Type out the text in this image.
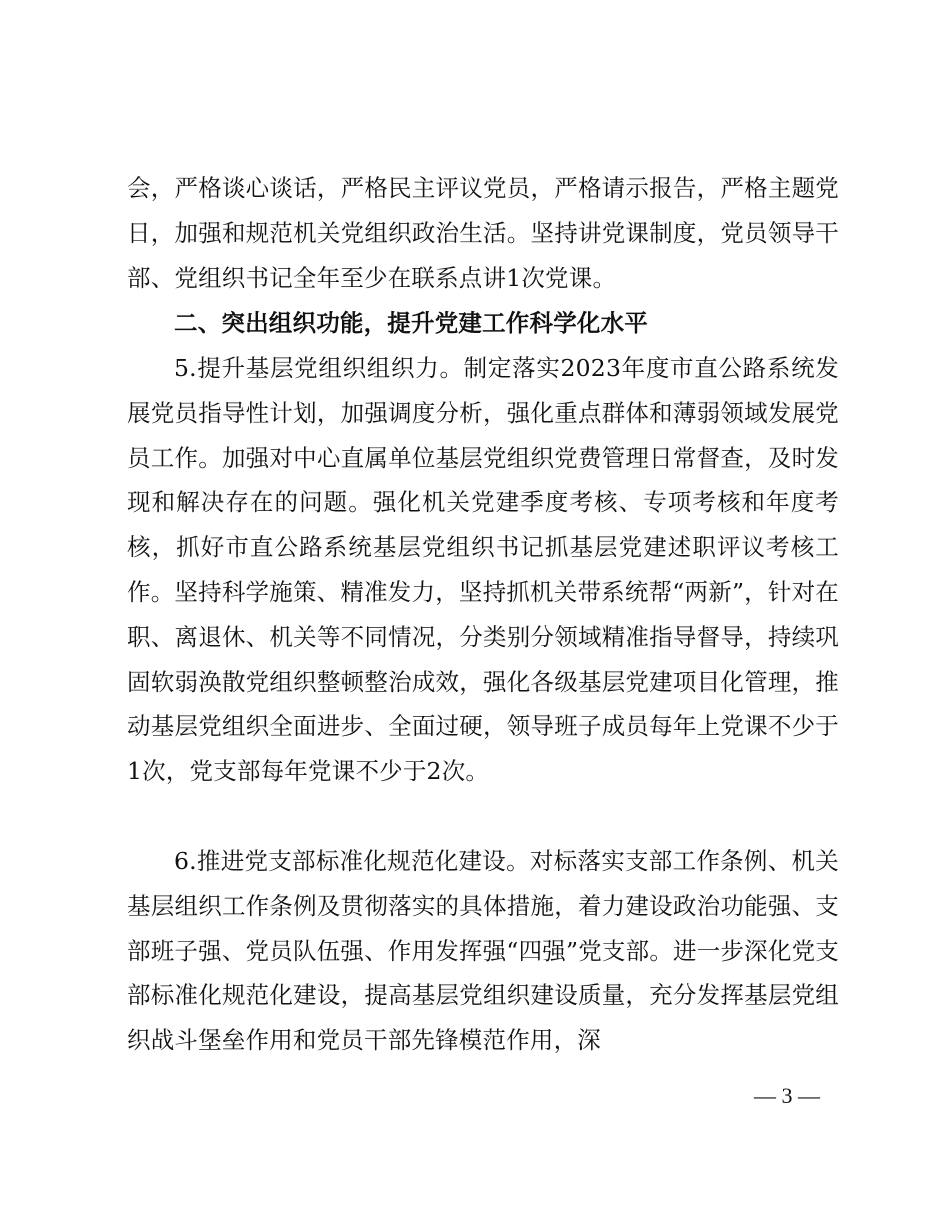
会，严格谈心谈话，严格民主评议党员，严格请示报告，严格主题党日，加强和规范机关党组织政治生活。坚持讲党课制度，党员领导干部、党组织书记全年至少在联系点讲1次党课。

二、突出组织功能，提升党建工作科学化水平

5.提升基层党组织组织力。制定落实2023年度市直公路系统发展党员指导性计划，加强调度分析，强化重点群体和薄弱领域发展党员工作。加强对中心直属单位基层党组织党费管理日常督查，及时发现和解决存在的问题。强化机关党建季度考核、专项考核和年度考核，抓好市直公路系统基层党组织书记抓基层党建述职评议考核工作。坚持科学施策、精准发力，坚持抓机关带系统帮“两新”，针对在职、离退休、机关等不同情况，分类别分领域精准指导督导，持续巩固软弱涣散党组织整顿整治成效，强化各级基层党建项目化管理，推动基层党组织全面进步、全面过硬，领导班子成员每年上党课不少于1次，党支部每年党课不少于2次。

6.推进党支部标准化规范化建设。对标落实支部工作条例、机关基层组织工作条例及贯彻落实的具体措施，着力建设政治功能强、支部班子强、党员队伍强、作用发挥强“四强”党支部。进一步深化党支部标准化规范化建设，提高基层党组织建设质量，充分发挥基层党组织战斗堡垒作用和党员干部先锋模范作用，深

— 3 —
